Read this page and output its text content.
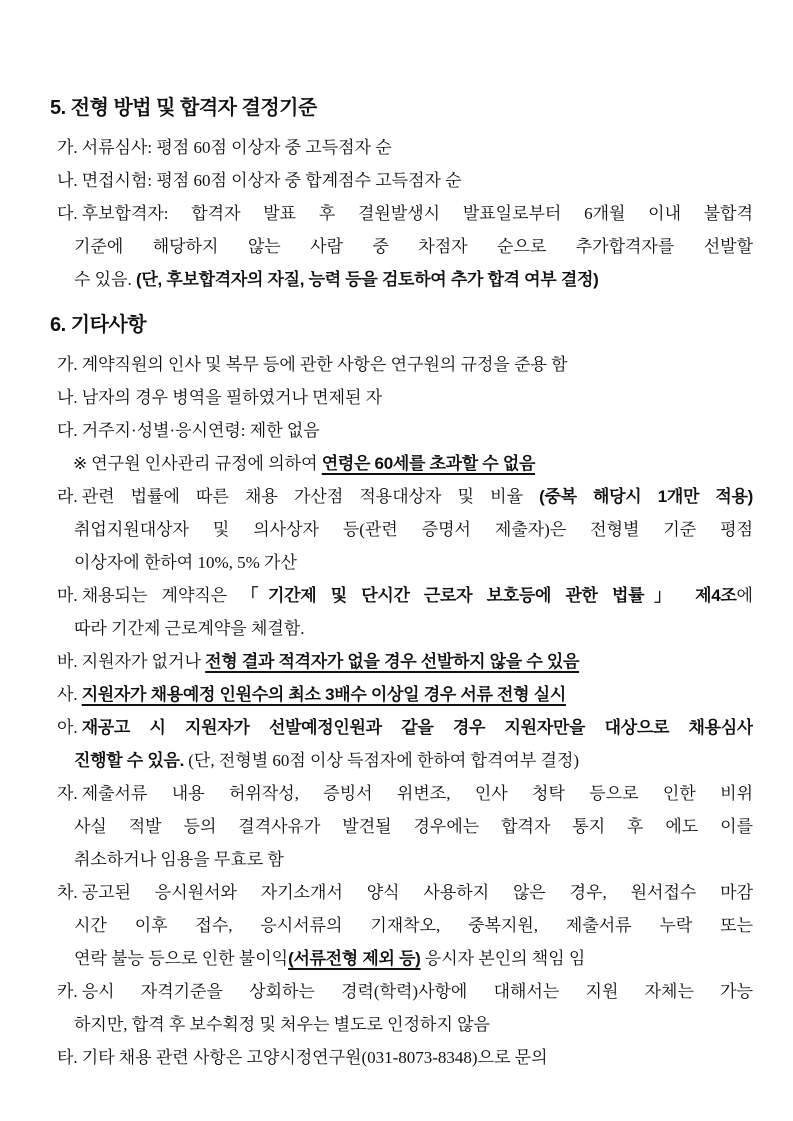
5. 전형 방법 및 합격자 결정기준
가. 서류심사: 평점 60점 이상자 중 고득점자 순
나. 면접시험: 평점 60점 이상자 중 합계점수 고득점자 순
다. 후보합격자: 합격자 발표 후 결원발생시 발표일로부터 6개월 이내 불합격
기준에 해당하지 않는 사람 중 차점자 순으로 추가합격자를 선발할
수 있음. (단, 후보합격자의 자질, 능력 등을 검토하여 추가 합격 여부 결정)
6. 기타사항
가. 계약직원의 인사 및 복무 등에 관한 사항은 연구원의 규정을 준용 함
나. 남자의 경우 병역을 필하였거나 면제된 자
다. 거주지·성별·응시연령: 제한 없음
※ 연구원 인사관리 규정에 의하여 연령은 60세를 초과할 수 없음
라. 관련 법률에 따른 채용 가산점 적용대상자 및 비율 (중복 해당시 1개만 적용)
취업지원대상자 및 의사상자 등(관련 증명서 제출자)은 전형별 기준 평점
이상자에 한하여 10%, 5% 가산
마. 채용되는 계약직은 「기간제 및 단시간 근로자 보호등에 관한 법률」 제4조에
따라 기간제 근로계약을 체결함.
바. 지원자가 없거나 전형 결과 적격자가 없을 경우 선발하지 않을 수 있음
사. 지원자가 채용예정 인원수의 최소 3배수 이상일 경우 서류 전형 실시
아. 재공고 시 지원자가 선발예정인원과 같을 경우 지원자만을 대상으로 채용심사
진행할 수 있음. (단, 전형별 60점 이상 득점자에 한하여 합격여부 결정)
자. 제출서류 내용 허위작성, 증빙서 위변조, 인사 청탁 등으로 인한 비위
사실 적발 등의 결격사유가 발견될 경우에는 합격자 통지 후 에도 이를
취소하거나 임용을 무효로 함
차. 공고된 응시원서와 자기소개서 양식 사용하지 않은 경우, 원서접수 마감
시간 이후 접수, 응시서류의 기재착오, 중복지원, 제출서류 누락 또는
연락 불능 등으로 인한 불이익(서류전형 제외 등) 응시자 본인의 책임 임
카. 응시 자격기준을 상회하는 경력(학력)사항에 대해서는 지원 자체는 가능
하지만, 합격 후 보수획정 및 처우는 별도로 인정하지 않음
타. 기타 채용 관련 사항은 고양시정연구원(031-8073-8348)으로 문의
